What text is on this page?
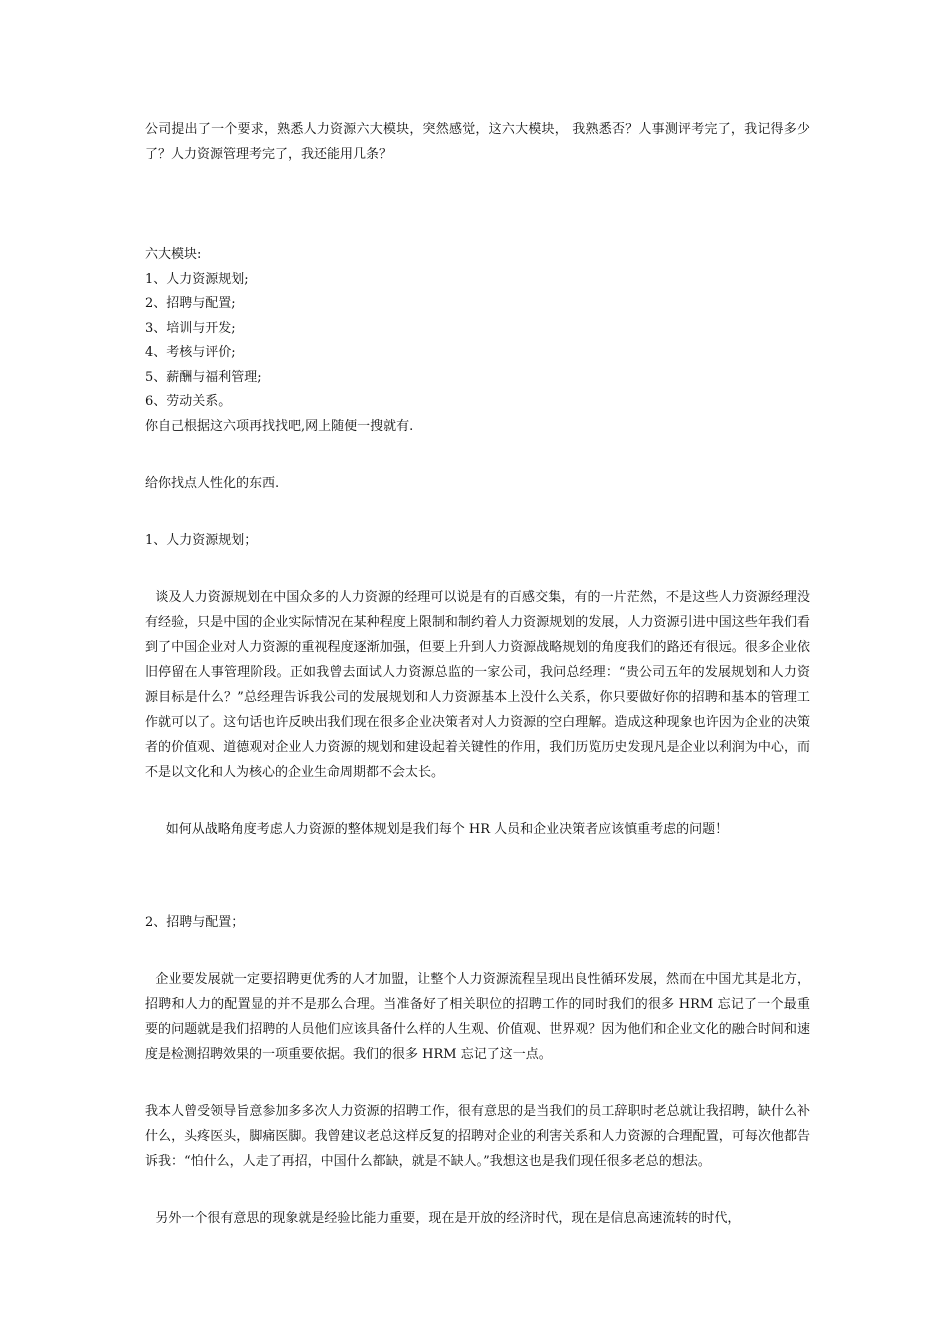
公司提出了一个要求，熟悉人力资源六大模块，突然感觉，这六大模块， 我熟悉否？人事测评考完了，我记得多少了？人力资源管理考完了，我还能用几条？

六大模块:

1、人力资源规划;

2、招聘与配置;

3、培训与开发;

4、考核与评价;

5、薪酬与福利管理;

6、劳动关系。

你自己根据这六项再找找吧,网上随便一搜就有.

给你找点人性化的东西.

1、人力资源规划；

谈及人力资源规划在中国众多的人力资源的经理可以说是有的百感交集，有的一片茫然，不是这些人力资源经理没有经验，只是中国的企业实际情况在某种程度上限制和制约着人力资源规划的发展，人力资源引进中国这些年我们看到了中国企业对人力资源的重视程度逐渐加强，但要上升到人力资源战略规划的角度我们的路还有很远。很多企业依旧停留在人事管理阶段。正如我曾去面试人力资源总监的一家公司，我问总经理：“贵公司五年的发展规划和人力资源目标是什么？”总经理告诉我公司的发展规划和人力资源基本上没什么关系，你只要做好你的招聘和基本的管理工作就可以了。这句话也许反映出我们现在很多企业决策者对人力资源的空白理解。造成这种现象也许因为企业的决策者的价值观、道德观对企业人力资源的规划和建设起着关键性的作用，我们历览历史发现凡是企业以利润为中心，而不是以文化和人为核心的企业生命周期都不会太长。

如何从战略角度考虑人力资源的整体规划是我们每个 HR 人员和企业决策者应该慎重考虑的问题！

2、招聘与配置；

企业要发展就一定要招聘更优秀的人才加盟，让整个人力资源流程呈现出良性循环发展，然而在中国尤其是北方，招聘和人力的配置显的并不是那么合理。当准备好了相关职位的招聘工作的同时我们的很多 HRM 忘记了一个最重要的问题就是我们招聘的人员他们应该具备什么样的人生观、价值观、世界观？因为他们和企业文化的融合时间和速度是检测招聘效果的一项重要依据。我们的很多 HRM 忘记了这一点。

我本人曾受领导旨意参加多多次人力资源的招聘工作，很有意思的是当我们的员工辞职时老总就让我招聘，缺什么补什么，头疼医头，脚痛医脚。我曾建议老总这样反复的招聘对企业的利害关系和人力资源的合理配置，可每次他都告诉我：“怕什么，人走了再招，中国什么都缺，就是不缺人。”我想这也是我们现任很多老总的想法。

另外一个很有意思的现象就是经验比能力重要，现在是开放的经济时代，现在是信息高速流转的时代，
